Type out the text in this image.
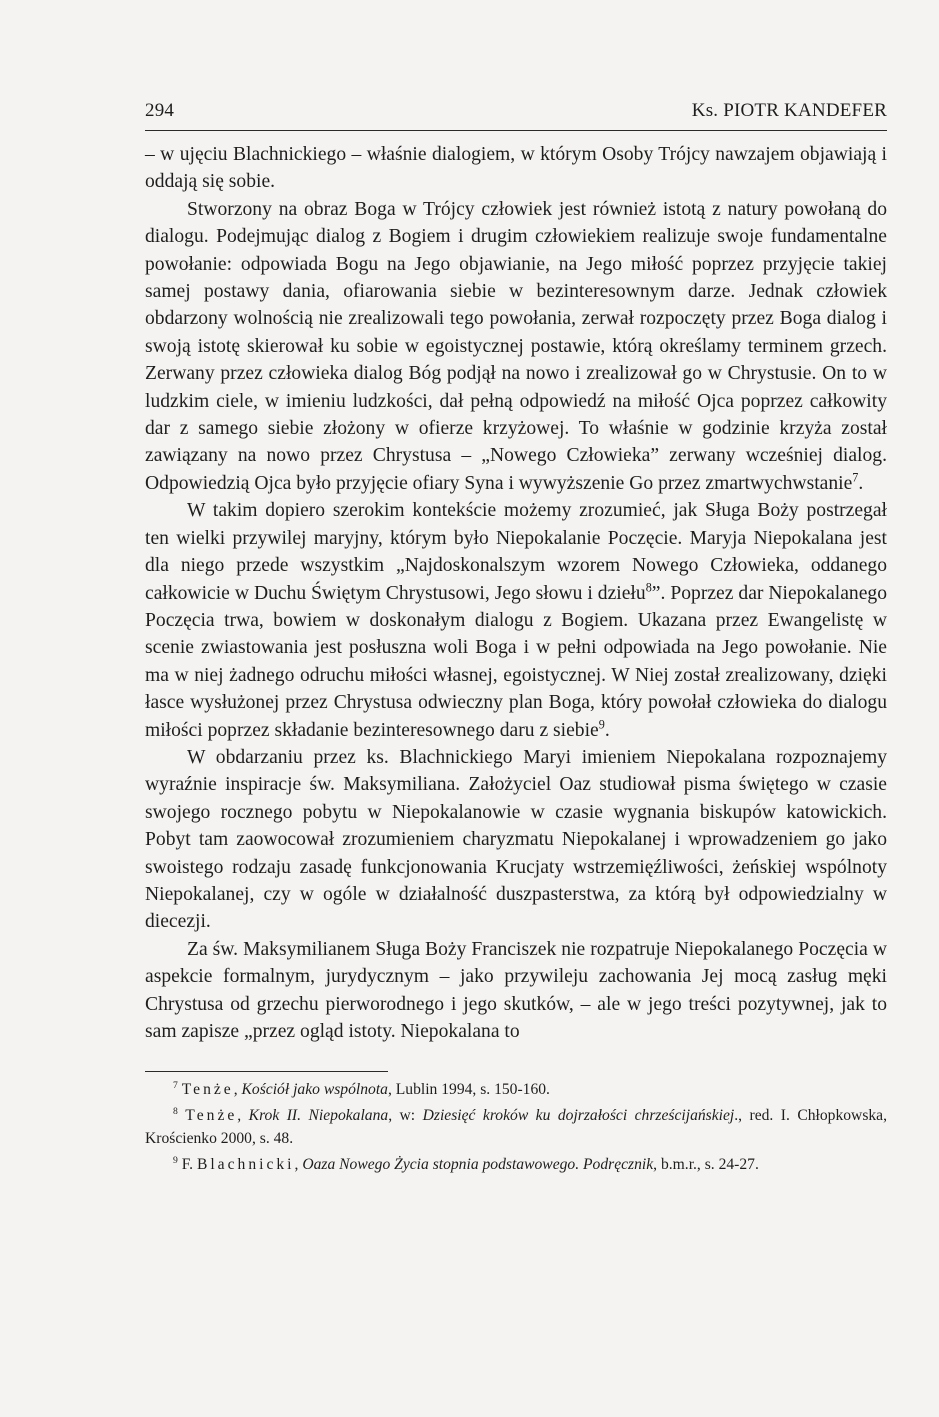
294	Ks. PIOTR KANDEFER

– w ujęciu Blachnickiego – właśnie dialogiem, w którym Osoby Trójcy nawzajem objawiają i oddają się sobie.

Stworzony na obraz Boga w Trójcy człowiek jest również istotą z natury powołaną do dialogu. Podejmując dialog z Bogiem i drugim człowiekiem realizuje swoje fundamentalne powołanie: odpowiada Bogu na Jego objawianie, na Jego miłość poprzez przyjęcie takiej samej postawy dania, ofiarowania siebie w bezinteresownym darze. Jednak człowiek obdarzony wolnością nie zrealizowali tego powołania, zerwał rozpoczęty przez Boga dialog i swoją istotę skierował ku sobie w egoistycznej postawie, którą określamy terminem grzech. Zerwany przez człowieka dialog Bóg podjął na nowo i zrealizował go w Chrystusie. On to w ludzkim ciele, w imieniu ludzkości, dał pełną odpowiedź na miłość Ojca poprzez całkowity dar z samego siebie złożony w ofierze krzyżowej. To właśnie w godzinie krzyża został zawiązany na nowo przez Chrystusa – „Nowego Człowieka” zerwany wcześniej dialog. Odpowiedzią Ojca było przyjęcie ofiary Syna i wywyższenie Go przez zmartwychwstanie$^7$.

W takim dopiero szerokim kontekście możemy zrozumieć, jak Sługa Boży postrzegał ten wielki przywilej maryjny, którym było Niepokalanie Poczęcie. Maryja Niepokalana jest dla niego przede wszystkim „Najdoskonalszym wzorem Nowego Człowieka, oddanego całkowicie w Duchu Świętym Chrystusowi, Jego słowu i dziełu$^8$”. Poprzez dar Niepokalanego Poczęcia trwa, bowiem w doskonałym dialogu z Bogiem. Ukazana przez Ewangelistę w scenie zwiastowania jest posłuszna woli Boga i w pełni odpowiada na Jego powołanie. Nie ma w niej żadnego odruchu miłości własnej, egoistycznej. W Niej został zrealizowany, dzięki łasce wysłużonej przez Chrystusa odwieczny plan Boga, który powołał człowieka do dialogu miłości poprzez składanie bezinteresownego daru z siebie$^9$.

W obdarzaniu przez ks. Blachnickiego Maryi imieniem Niepokalana rozpoznajemy wyraźnie inspiracje św. Maksymiliana. Założyciel Oaz studiował pisma świętego w czasie swojego rocznego pobytu w Niepokalanowie w czasie wygnania biskupów katowickich. Pobyt tam zaowocował zrozumieniem charyzmatu Niepokalanej i wprowadzeniem go jako swoistego rodzaju zasadę funkcjonowania Krucjaty wstrzemięźliwości, żeńskiej wspólnoty Niepokalanej, czy w ogóle w działalność duszpasterstwa, za którą był odpowiedzialny w diecezji.

Za św. Maksymilianem Sługa Boży Franciszek nie rozpatruje Niepokalanego Poczęcia w aspekcie formalnym, jurydycznym – jako przywileju zachowania Jej mocą zasług męki Chrystusa od grzechu pierworodnego i jego skutków, – ale w jego treści pozytywnej, jak to sam zapisze „przez ogląd istoty. Niepokalana to

$^7$ Tenże, Kościół jako wspólnota, Lublin 1994, s. 150-160.

$^8$ Tenże, Krok II. Niepokalana, w: Dziesięć kroków ku dojrzałości chrześcijańskiej., red. I. Chłopkowska, Krościenko 2000, s. 48.

$^9$ F. Blachnicki, Oaza Nowego Życia stopnia podstawowego. Podręcznik, b.m.r., s. 24-27.
